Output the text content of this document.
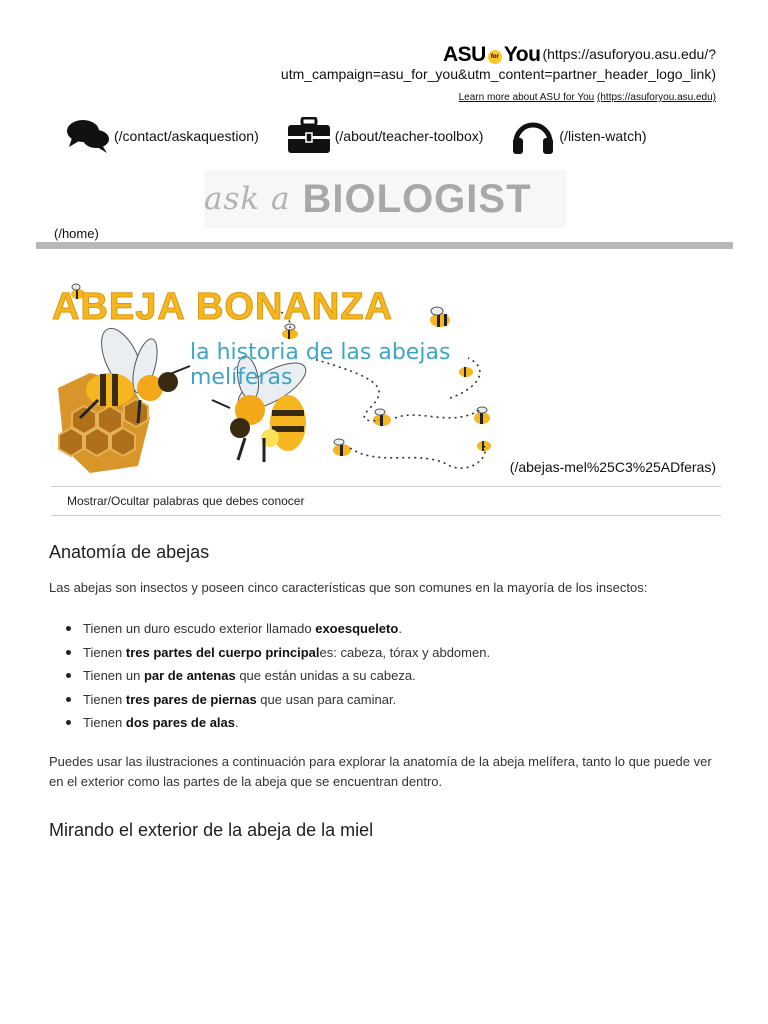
ASU for You (https://asuforyou.asu.edu/?
utm_campaign=asu_for_you&utm_content=partner_header_logo_link)
Learn more about ASU for You (https://asuforyou.asu.edu)
(/contact/askaquestion)	(/about/teacher-toolbox)	(/listen-watch)
ask a BIOLOGIST
(/home)
ABEJA BONANZA
la historia de las abejas melíferas
(/abejas-mel%25C3%25ADferas)
Mostrar/Ocultar palabras que debes conocer
Anatomía de abejas

Las abejas son insectos y poseen cinco características que son comunes en la mayoría de los insectos:

Tienen un duro escudo exterior llamado exoesqueleto.
Tienen tres partes del cuerpo principales: cabeza, tórax y abdomen.
Tienen un par de antenas que están unidas a su cabeza.
Tienen tres pares de piernas que usan para caminar.
Tienen dos pares de alas.

Puedes usar las ilustraciones a continuación para explorar la anatomía de la abeja melífera, tanto lo que puede ver en el exterior como las partes de la abeja que se encuentran dentro.

Mirando el exterior de la abeja de la miel
